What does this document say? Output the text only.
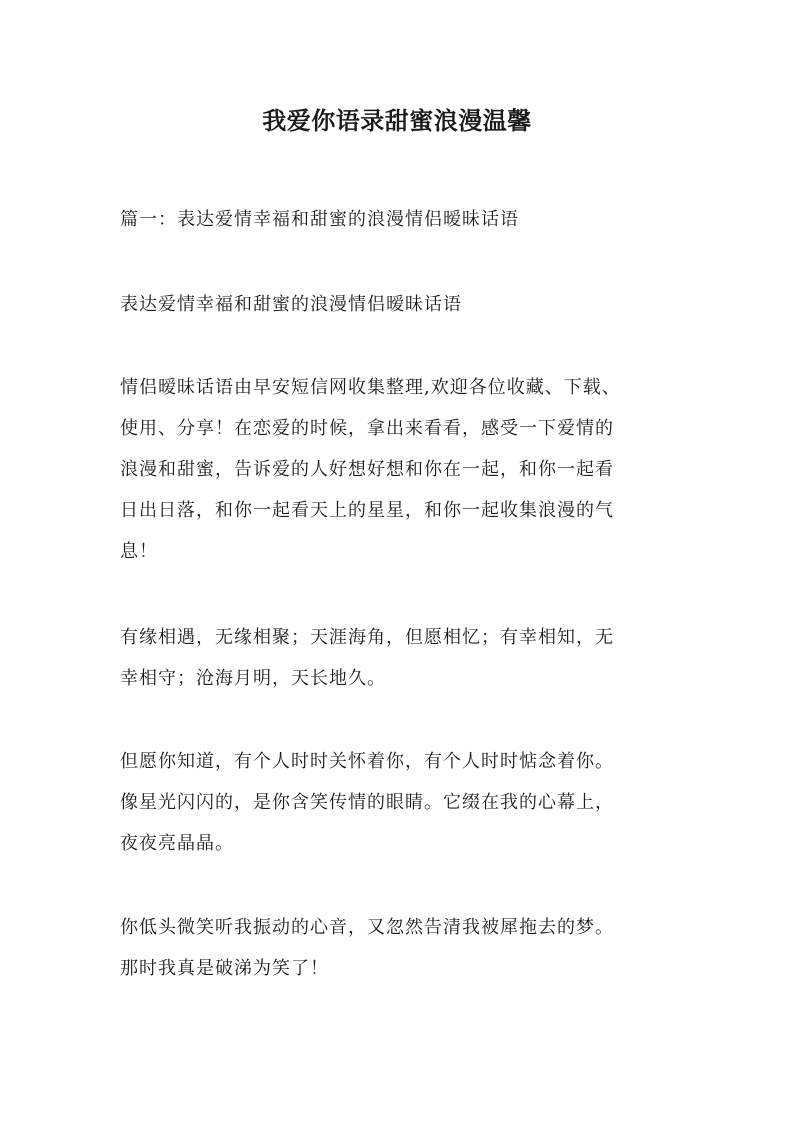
我爱你语录甜蜜浪漫温馨

篇一：表达爱情幸福和甜蜜的浪漫情侣暧昧话语

表达爱情幸福和甜蜜的浪漫情侣暧昧话语

情侣暧昧话语由早安短信网收集整理,欢迎各位收藏、下载、
使用、分享！在恋爱的时候，拿出来看看，感受一下爱情的
浪漫和甜蜜，告诉爱的人好想好想和你在一起，和你一起看
日出日落，和你一起看天上的星星，和你一起收集浪漫的气
息！

有缘相遇，无缘相聚；天涯海角，但愿相忆；有幸相知，无
幸相守；沧海月明，天长地久。

但愿你知道，有个人时时关怀着你，有个人时时惦念着你。
像星光闪闪的，是你含笑传情的眼睛。它缀在我的心幕上，
夜夜亮晶晶。

你低头微笑听我振动的心音，又忽然告清我被犀拖去的梦。
那时我真是破涕为笑了！
